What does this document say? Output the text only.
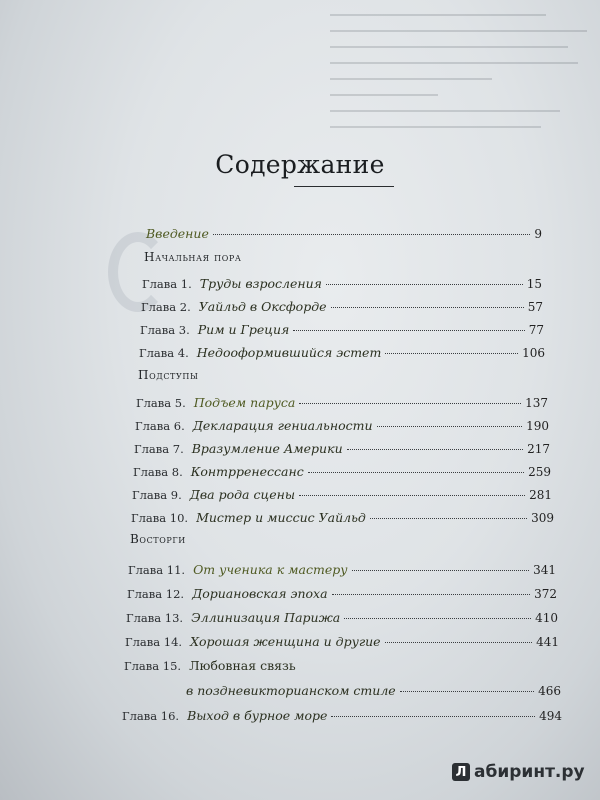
Содержание
Введение	9
Начальная пора
Глава 1. Труды взросления	15
Глава 2. Уайльд в Оксфорде	57
Глава 3. Рим и Греция	77
Глава 4. Недооформившийся эстет	106
Подступы
Глава 5. Подъем паруса	137
Глава 6. Декларация гениальности	190
Глава 7. Вразумление Америки	217
Глава 8. Контрренессанс	259
Глава 9. Два рода сцены	281
Глава 10. Мистер и миссис Уайльд	309
Восторги
Глава 11. От ученика к мастеру	341
Глава 12. Дориановская эпоха	372
Глава 13. Эллинизация Парижа	410
Глава 14. Хорошая женщина и другие	441
Глава 15. Любовная связь
в поздневикторианском стиле	466
Глава 16. Выход в бурное море	494
Л абиринт.ру
